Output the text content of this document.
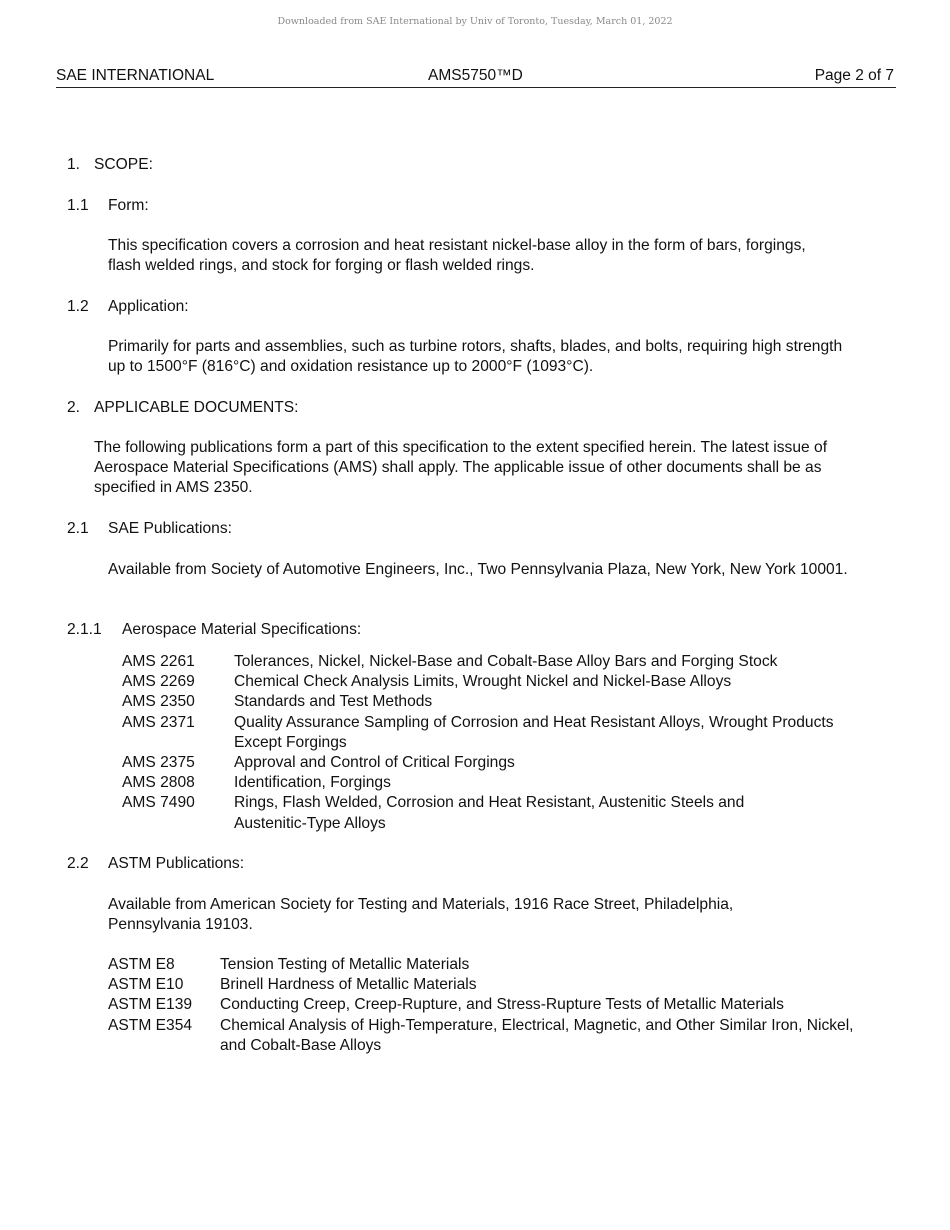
Downloaded from SAE International by Univ of Toronto, Tuesday, March 01, 2022
SAE INTERNATIONAL	AMS5750™D	Page 2 of 7
1. SCOPE:
1.1 Form:
This specification covers a corrosion and heat resistant nickel-base alloy in the form of bars, forgings, flash welded rings, and stock for forging or flash welded rings.
1.2 Application:
Primarily for parts and assemblies, such as turbine rotors, shafts, blades, and bolts, requiring high strength up to 1500°F (816°C) and oxidation resistance up to 2000°F (1093°C).
2. APPLICABLE DOCUMENTS:
The following publications form a part of this specification to the extent specified herein. The latest issue of Aerospace Material Specifications (AMS) shall apply. The applicable issue of other documents shall be as specified in AMS 2350.
2.1 SAE Publications:
Available from Society of Automotive Engineers, Inc., Two Pennsylvania Plaza, New York, New York 10001.
2.1.1 Aerospace Material Specifications:
AMS 2261	Tolerances, Nickel, Nickel-Base and Cobalt-Base Alloy Bars and Forging Stock
AMS 2269	Chemical Check Analysis Limits, Wrought Nickel and Nickel-Base Alloys
AMS 2350	Standards and Test Methods
AMS 2371	Quality Assurance Sampling of Corrosion and Heat Resistant Alloys, Wrought Products Except Forgings
AMS 2375	Approval and Control of Critical Forgings
AMS 2808	Identification, Forgings
AMS 7490	Rings, Flash Welded, Corrosion and Heat Resistant, Austenitic Steels and Austenitic-Type Alloys
2.2 ASTM Publications:
Available from American Society for Testing and Materials, 1916 Race Street, Philadelphia, Pennsylvania 19103.
ASTM E8	Tension Testing of Metallic Materials
ASTM E10	Brinell Hardness of Metallic Materials
ASTM E139	Conducting Creep, Creep-Rupture, and Stress-Rupture Tests of Metallic Materials
ASTM E354	Chemical Analysis of High-Temperature, Electrical, Magnetic, and Other Similar Iron, Nickel, and Cobalt-Base Alloys
